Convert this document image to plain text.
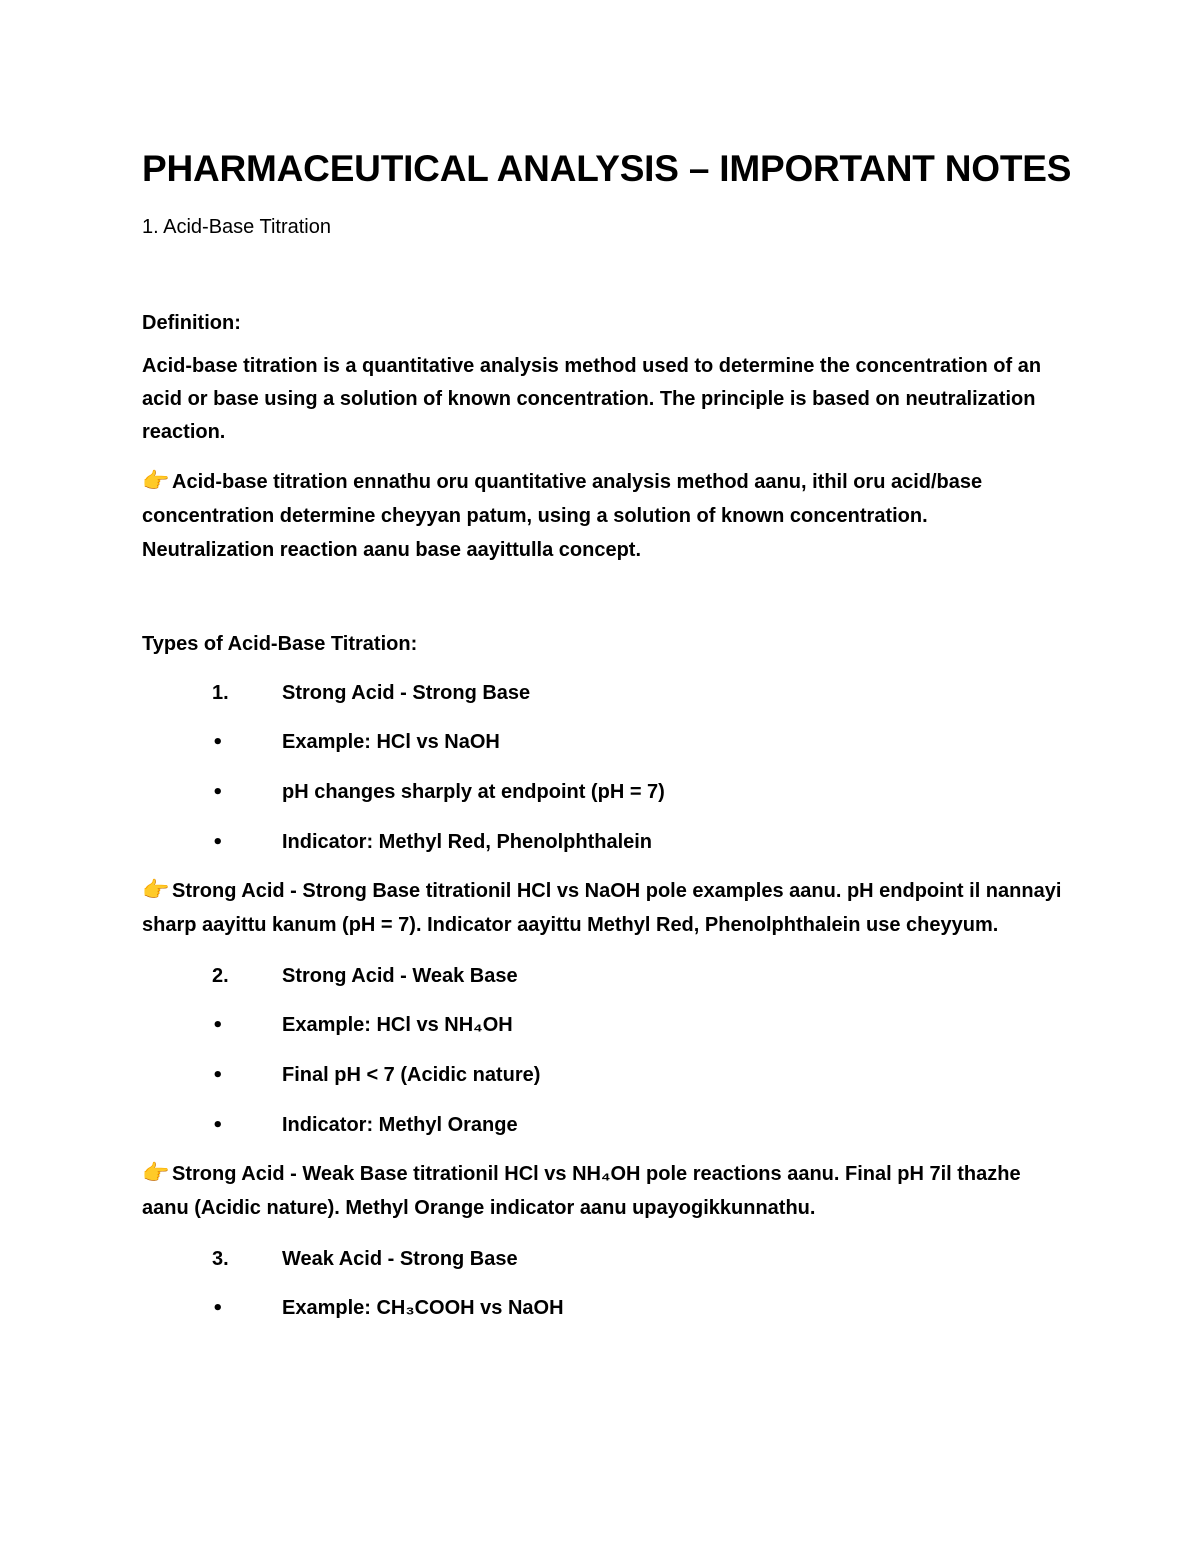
PHARMACEUTICAL ANALYSIS – IMPORTANT NOTES
1. Acid-Base Titration
Definition:
Acid-base titration is a quantitative analysis method used to determine the concentration of an acid or base using a solution of known concentration. The principle is based on neutralization reaction.
👉 Acid-base titration ennathu oru quantitative analysis method aanu, ithil oru acid/base concentration determine cheyyan patum, using a solution of known concentration. Neutralization reaction aanu base aayittulla concept.
Types of Acid-Base Titration:
1.	Strong Acid - Strong Base
•	Example: HCl vs NaOH
•	pH changes sharply at endpoint (pH = 7)
•	Indicator: Methyl Red, Phenolphthalein
👉 Strong Acid - Strong Base titrationil HCl vs NaOH pole examples aanu. pH endpoint il nannayi sharp aayittu kanum (pH = 7). Indicator aayittu Methyl Red, Phenolphthalein use cheyyum.
2.	Strong Acid - Weak Base
•	Example: HCl vs NH₄OH
•	Final pH < 7 (Acidic nature)
•	Indicator: Methyl Orange
👉 Strong Acid - Weak Base titrationil HCl vs NH₄OH pole reactions aanu. Final pH 7il thazhe aanu (Acidic nature). Methyl Orange indicator aanu upayogikkunnathu.
3.	Weak Acid - Strong Base
•	Example: CH₃COOH vs NaOH
